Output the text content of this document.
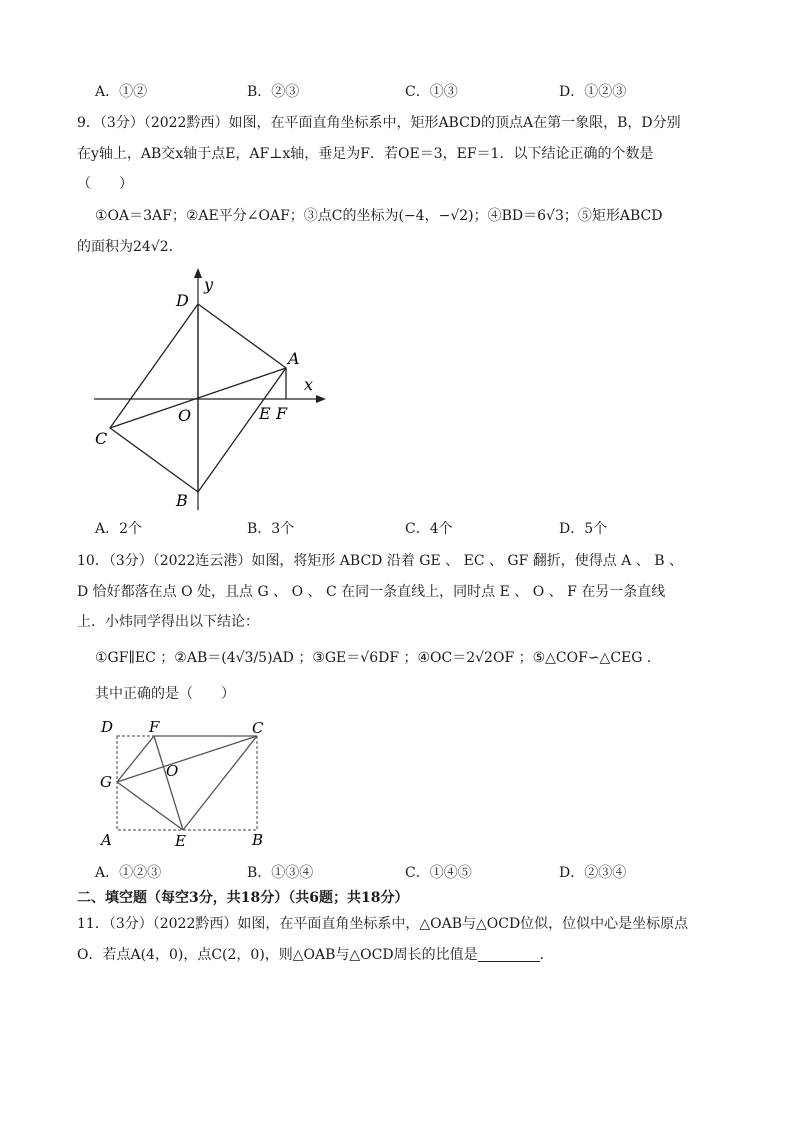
A．①②	B．②③	C．①③	D．①②③
9．（3分）（2022黔西）如图，在平面直角坐标系中，矩形ABCD的顶点A在第一象限，B，D分别
在y轴上，AB交x轴于点E，AF⊥x轴，垂足为F．若OE＝3，EF＝1．以下结论正确的个数是
（　　）
①OA＝3AF；②AE平分∠OAF；③点C的坐标为(−4，−√2)；④BD＝6√3；⑤矩形ABCD
的面积为24√2．
D
y
A
x
O	E F
C
B
A．2个	B．3个	C．4个	D．5个
10．（3分）（2022连云港）如图，将矩形 ABCD 沿着 GE 、 EC 、 GF 翻折，使得点 A 、 B 、
D 恰好都落在点 O 处，且点 G 、 O 、 C 在同一条直线上，同时点 E 、 O 、 F 在另一条直线
上．小炜同学得出以下结论：
①GF∥EC ；②AB＝(4√3/5)AD ；③GE＝√6DF ；④OC＝2√2OF ；⑤△COF∽△CEG ．
其中正确的是（　　）
D F	C
G
O
A	E	B
A．①②③	B．①③④	C．①④⑤	D．②③④
二、填空题（每空3分，共18分）（共6题；共18分）
11．（3分）（2022黔西）如图，在平面直角坐标系中，△OAB与△OCD位似，位似中心是坐标原点
O．若点A(4，0)，点C(2，0)，则△OAB与△OCD周长的比值是	．
